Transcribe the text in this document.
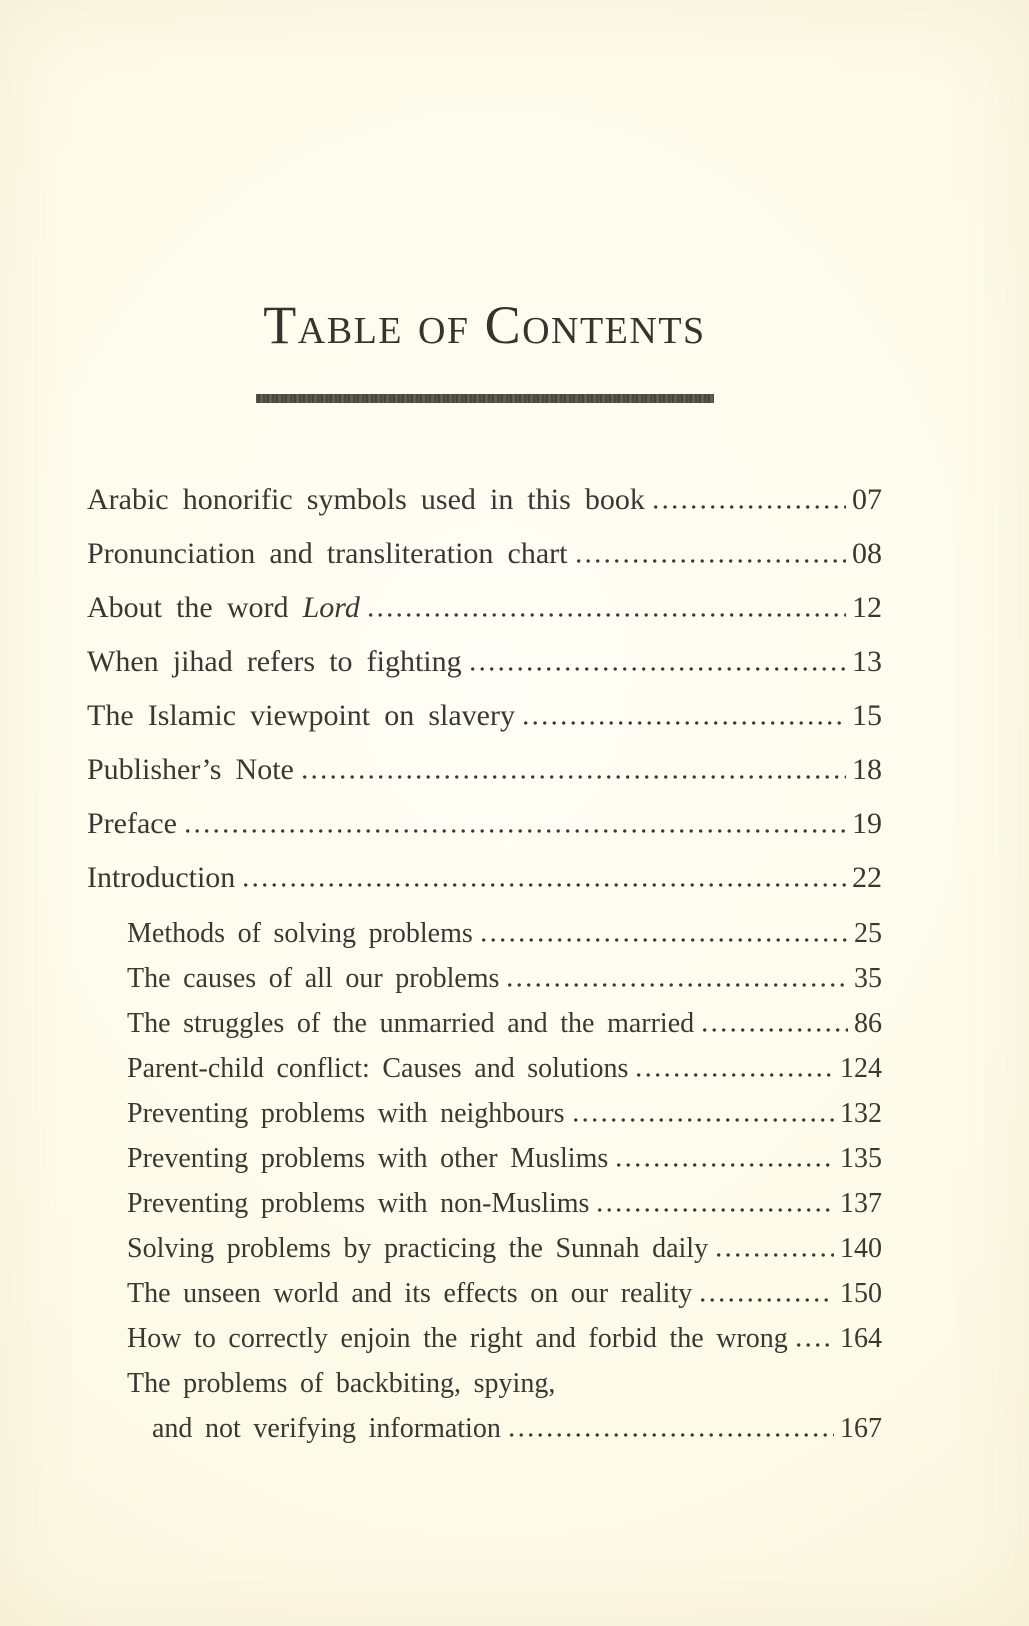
Table of Contents
Arabic honorific symbols used in this book	07
Pronunciation and transliteration chart	08
About the word Lord	12
When jihad refers to fighting	13
The Islamic viewpoint on slavery	15
Publisher’s Note	18
Preface	19
Introduction	22
Methods of solving problems	25
The causes of all our problems	35
The struggles of the unmarried and the married	86
Parent-child conflict: Causes and solutions	124
Preventing problems with neighbours	132
Preventing problems with other Muslims	135
Preventing problems with non-Muslims	137
Solving problems by practicing the Sunnah daily	140
The unseen world and its effects on our reality	150
How to correctly enjoin the right and forbid the wrong 164
The problems of backbiting, spying,
and not verifying information	167
